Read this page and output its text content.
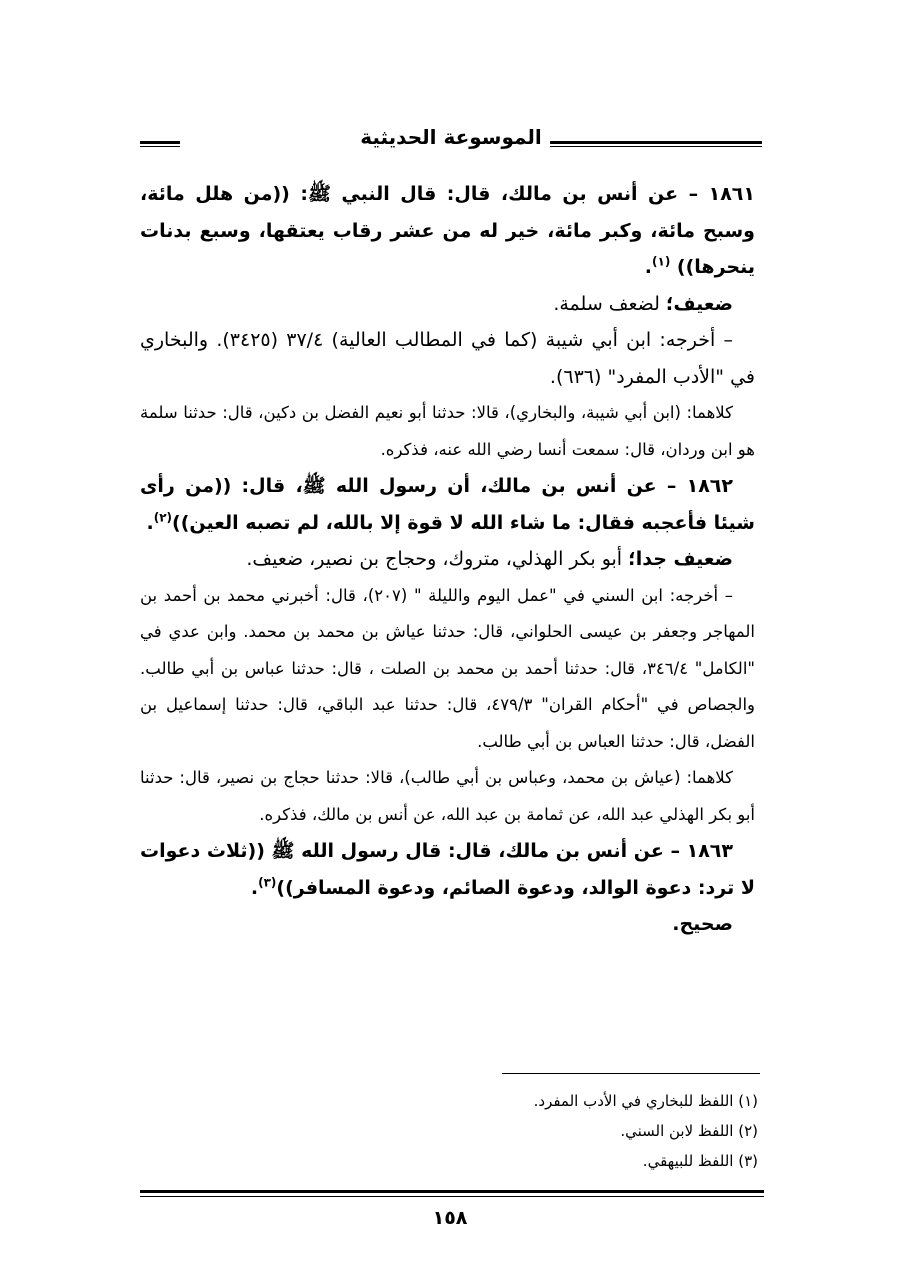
الموسوعة الحديثية

١٨٦١ – عن أنس بن مالك، قال: قال النبي ﷺ: ((من هلل مائة، وسبح مائة، وكبر مائة، خير له من عشر رقاب يعتقها، وسبع بدنات ينحرها)) $^{(١)}$.

ضعيف؛ لضعف سلمة.

– أخرجه: ابن أبي شيبة (كما في المطالب العالية) ٣٧/٤ (٣٤٢٥). والبخاري في "الأدب المفرد" (٦٣٦).

كلاهما: (ابن أبي شيبة، والبخاري)، قالا: حدثنا أبو نعيم الفضل بن دكين، قال: حدثنا سلمة هو ابن وردان، قال: سمعت أنسا رضي الله عنه، فذكره.

١٨٦٢ – عن أنس بن مالك، أن رسول الله ﷺ، قال: ((من رأى شيئا فأعجبه فقال: ما شاء الله لا قوة إلا بالله، لم تصبه العين))$^{(٢)}$.

ضعيف جدا؛ أبو بكر الهذلي، متروك، وحجاج بن نصير، ضعيف.

– أخرجه: ابن السني في "عمل اليوم والليلة " (٢٠٧)، قال: أخبرني محمد بن أحمد بن المهاجر وجعفر بن عيسى الحلواني، قال: حدثنا عياش بن محمد بن محمد. وابن عدي في "الكامل" ٣٤٦/٤، قال: حدثنا أحمد بن محمد بن الصلت ، قال: حدثنا عباس بن أبي طالب. والجصاص في "أحكام القران" ٤٧٩/٣، قال: حدثنا عبد الباقي، قال: حدثنا إسماعيل بن الفضل، قال: حدثنا العباس بن أبي طالب.

كلاهما: (عياش بن محمد، وعباس بن أبي طالب)، قالا: حدثنا حجاج بن نصير، قال: حدثنا أبو بكر الهذلي عبد الله، عن ثمامة بن عبد الله، عن أنس بن مالك، فذكره.

١٨٦٣ – عن أنس بن مالك، قال: قال رسول الله ﷺ ((ثلاث دعوات لا ترد: دعوة الوالد، ودعوة الصائم، ودعوة المسافر))$^{(٣)}$.

صحيح.

(١) اللفظ للبخاري في الأدب المفرد.

(٢) اللفظ لابن السني.

(٣) اللفظ للبيهقي.

١٥٨
